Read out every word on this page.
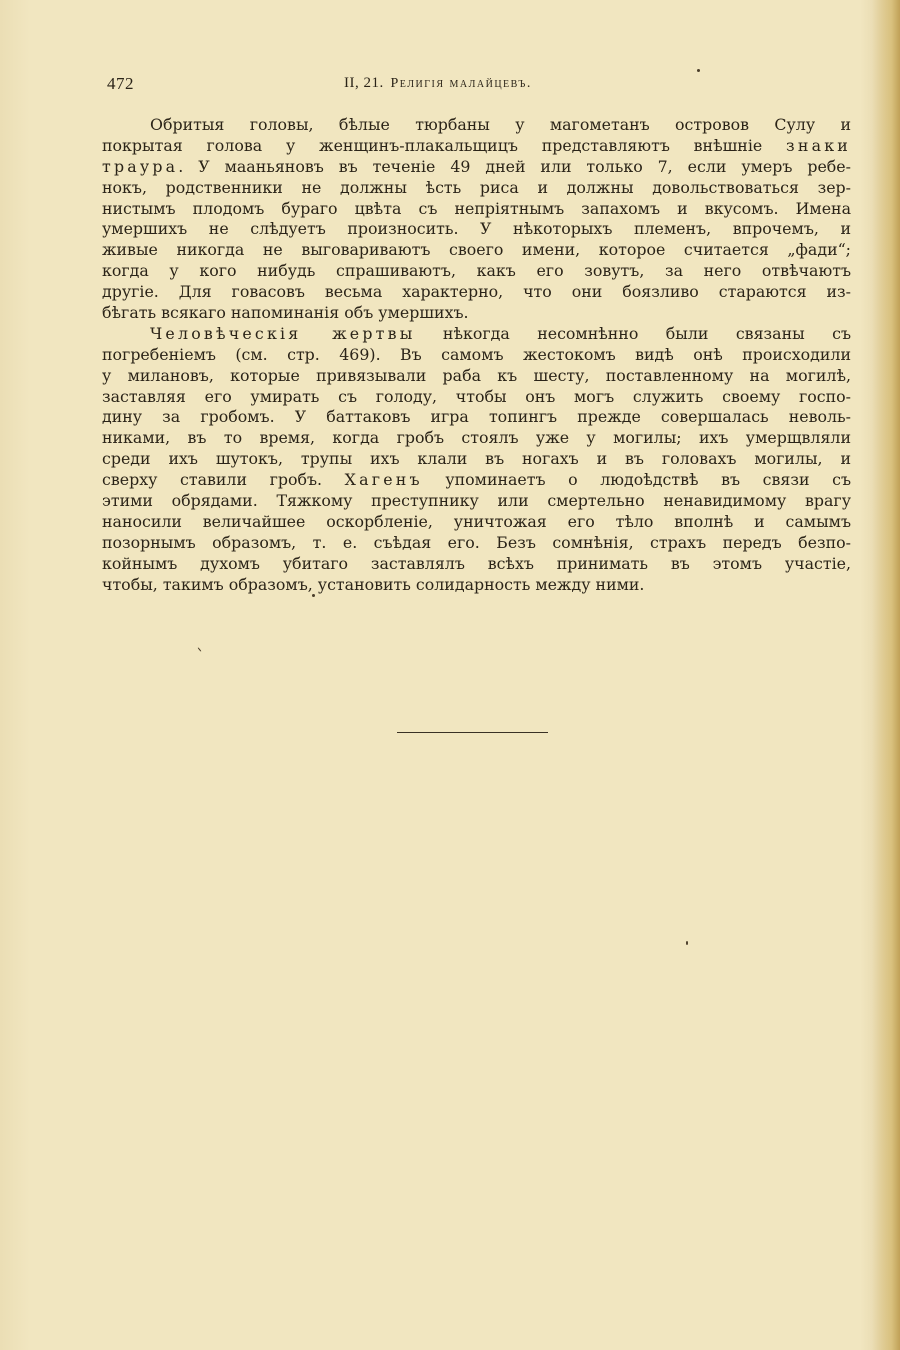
472	II, 21. Религія малайцевъ.
Обритыя головы, бѣлые тюрбаны у магометанъ островов Сулу и
покрытая голова у женщинъ-плакальщицъ представляютъ внѣшніе знаки
траура. У мааньяновъ въ теченіе 49 дней или только 7, если умеръ ребе-
нокъ, родственники не должны ѣсть риса и должны довольствоваться зер-
нистымъ плодомъ бураго цвѣта съ непріятнымъ запахомъ и вкусомъ. Имена
умершихъ не слѣдуетъ произносить. У нѣкоторыхъ племенъ, впрочемъ, и
живые никогда не выговариваютъ своего имени, которое считается „фади“;
когда у кого нибудь спрашиваютъ, какъ его зовутъ, за него отвѣчаютъ
другіе. Для говасовъ весьма характерно, что они боязливо стараются из-
бѣгать всякаго напоминанія объ умершихъ.
Человѣческія жертвы нѣкогда несомнѣнно были связаны съ
погребеніемъ (см. стр. 469). Въ самомъ жестокомъ видѣ онѣ происходили
у милановъ, которые привязывали раба къ шесту, поставленному на могилѣ,
заставляя его умирать съ голоду, чтобы онъ могъ служить своему госпо-
дину за гробомъ. У баттаковъ игра топингъ прежде совершалась неволь-
никами, въ то время, когда гробъ стоялъ уже у могилы; ихъ умерщвляли
среди ихъ шутокъ, трупы ихъ клали въ ногахъ и въ головахъ могилы, и
сверху ставили гробъ. Хагенъ упоминаетъ о людоѣдствѣ въ связи съ
этими обрядами. Тяжкому преступнику или смертельно ненавидимому врагу
наносили величайшее оскорбленіе, уничтожая его тѣло вполнѣ и самымъ
позорнымъ образомъ, т. е. съѣдая его. Безъ сомнѣнія, страхъ передъ безпо-
койнымъ духомъ убитаго заставлялъ всѣхъ принимать въ этомъ участіе,
чтобы, такимъ образомъ, установить солидарность между ними.
